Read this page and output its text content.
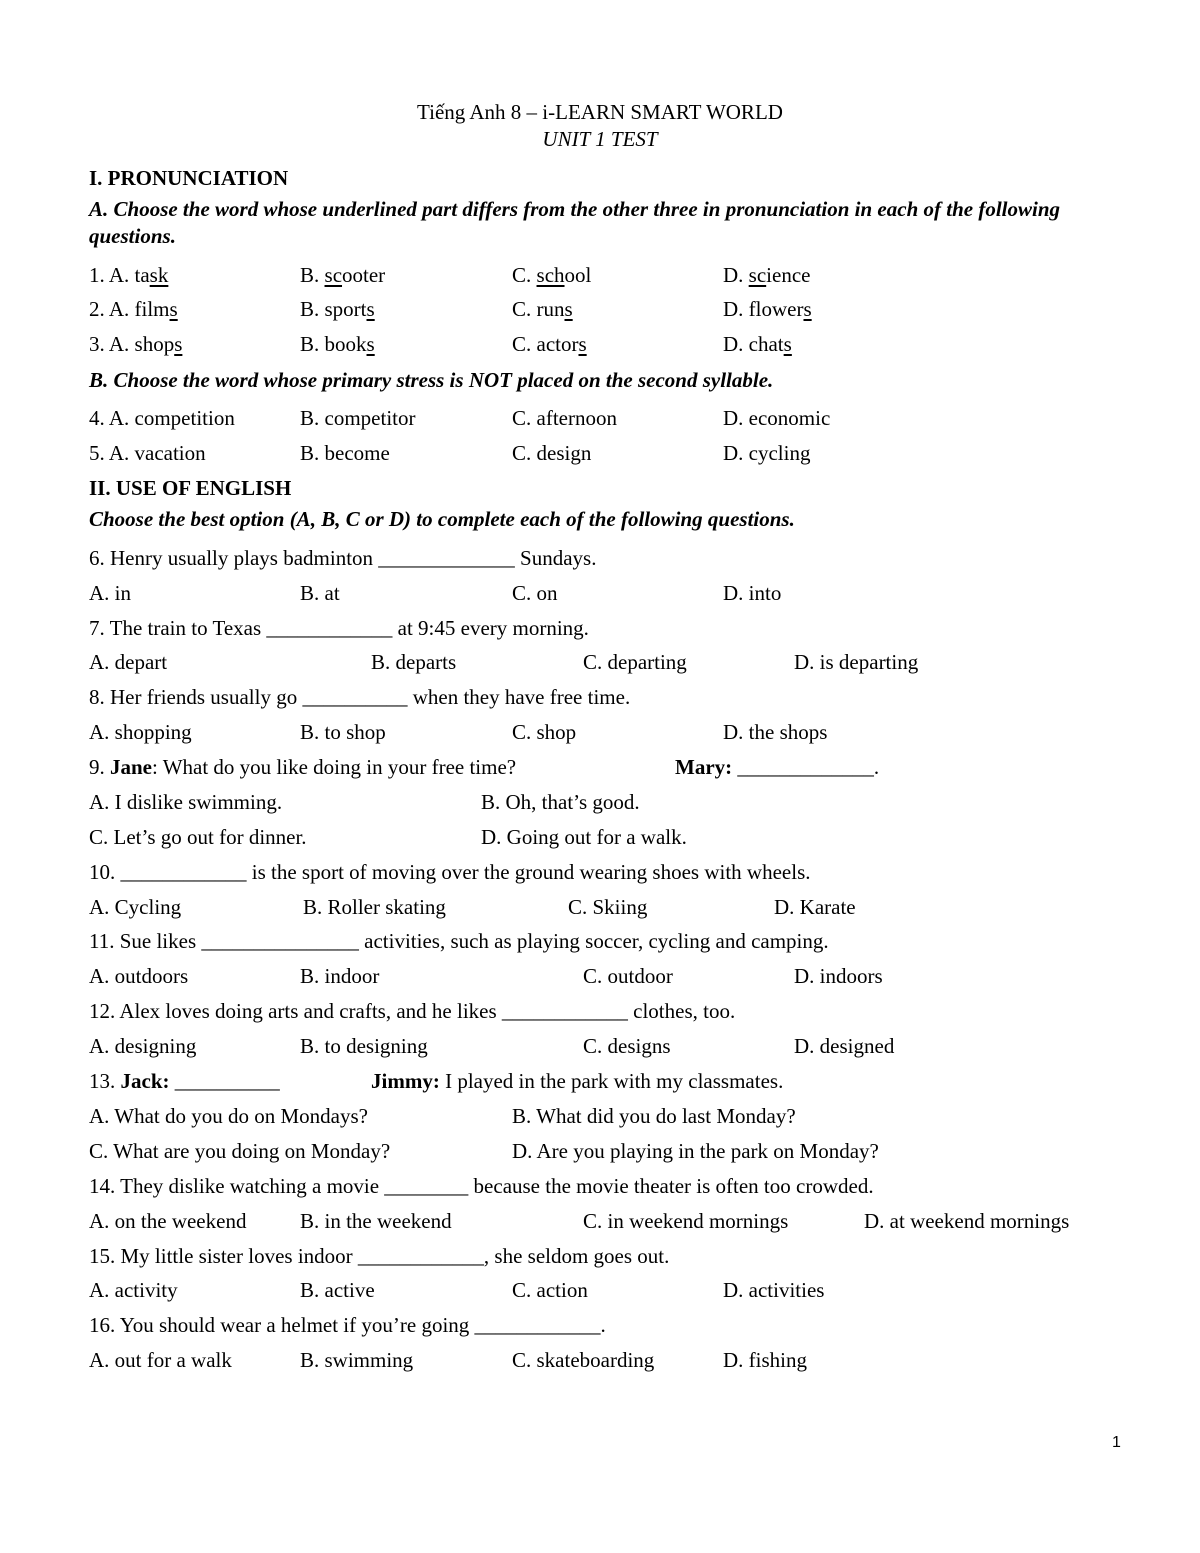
Tiếng Anh 8 – i-LEARN SMART WORLD
UNIT 1 TEST
I. PRONUNCIATION
A. Choose the word whose underlined part differs from the other three in pronunciation in each of the following questions.
1. A. task	B. scooter	C. school	D. science
2. A. films	B. sports	C. runs	D. flowers
3. A. shops	B. books	C. actors	D. chats
B. Choose the word whose primary stress is NOT placed on the second syllable.
4. A. competition	B. competitor	C. afternoon	D. economic
5. A. vacation	B. become	C. design	D. cycling
II. USE OF ENGLISH
Choose the best option (A, B, C or D) to complete each of the following questions.
6. Henry usually plays badminton _____________ Sundays.
A. in	B. at	C. on	D. into
7. The train to Texas ____________ at 9:45 every morning.
A. depart	B. departs	C. departing	D. is departing
8. Her friends usually go __________ when they have free time.
A. shopping	B. to shop	C. shop	D. the shops
9. Jane: What do you like doing in your free time?	Mary: _____________.
A. I dislike swimming.	B. Oh, that’s good.
C. Let’s go out for dinner.	D. Going out for a walk.
10. ____________ is the sport of moving over the ground wearing shoes with wheels.
A. Cycling	B. Roller skating	C. Skiing	D. Karate
11. Sue likes _______________ activities, such as playing soccer, cycling and camping.
A. outdoors	B. indoor	C. outdoor	D. indoors
12. Alex loves doing arts and crafts, and he likes ____________ clothes, too.
A. designing	B. to designing	C. designs	D. designed
13. Jack: __________	Jimmy: I played in the park with my classmates.
A. What do you do on Mondays?	B. What did you do last Monday?
C. What are you doing on Monday?	D. Are you playing in the park on Monday?
14. They dislike watching a movie ________ because the movie theater is often too crowded.
A. on the weekend	B. in the weekend	C. in weekend mornings	D. at weekend mornings
15. My little sister loves indoor ____________, she seldom goes out.
A. activity	B. active	C. action	D. activities
16. You should wear a helmet if you’re going ____________.
A. out for a walk	B. swimming	C. skateboarding	D. fishing
1
